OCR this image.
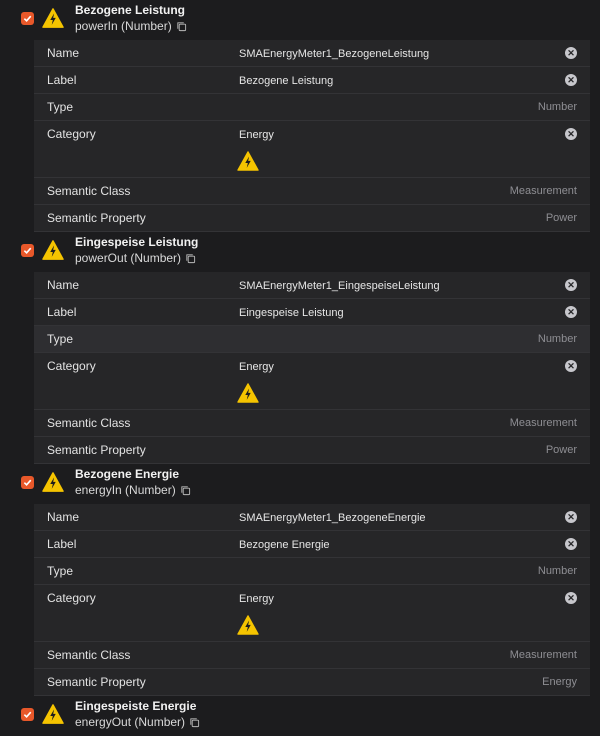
Bezogene Leistung
powerIn (Number)
Name	SMAEnergyMeter1_BezogeneLeistung	✕
Label	Bezogene Leistung	✕
Type	Number
Category	Energy	✕
Semantic Class	Measurement
Semantic Property	Power
Eingespeise Leistung
powerOut (Number)
Name	SMAEnergyMeter1_EingespeiseLeistung	✕
Label	Eingespeise Leistung	✕
Type	Number
Category	Energy	✕
Semantic Class	Measurement
Semantic Property	Power
Bezogene Energie
energyIn (Number)
Name	SMAEnergyMeter1_BezogeneEnergie	✕
Label	Bezogene Energie	✕
Type	Number
Category	Energy	✕
Semantic Class	Measurement
Semantic Property	Energy
Eingespeiste Energie
energyOut (Number)
